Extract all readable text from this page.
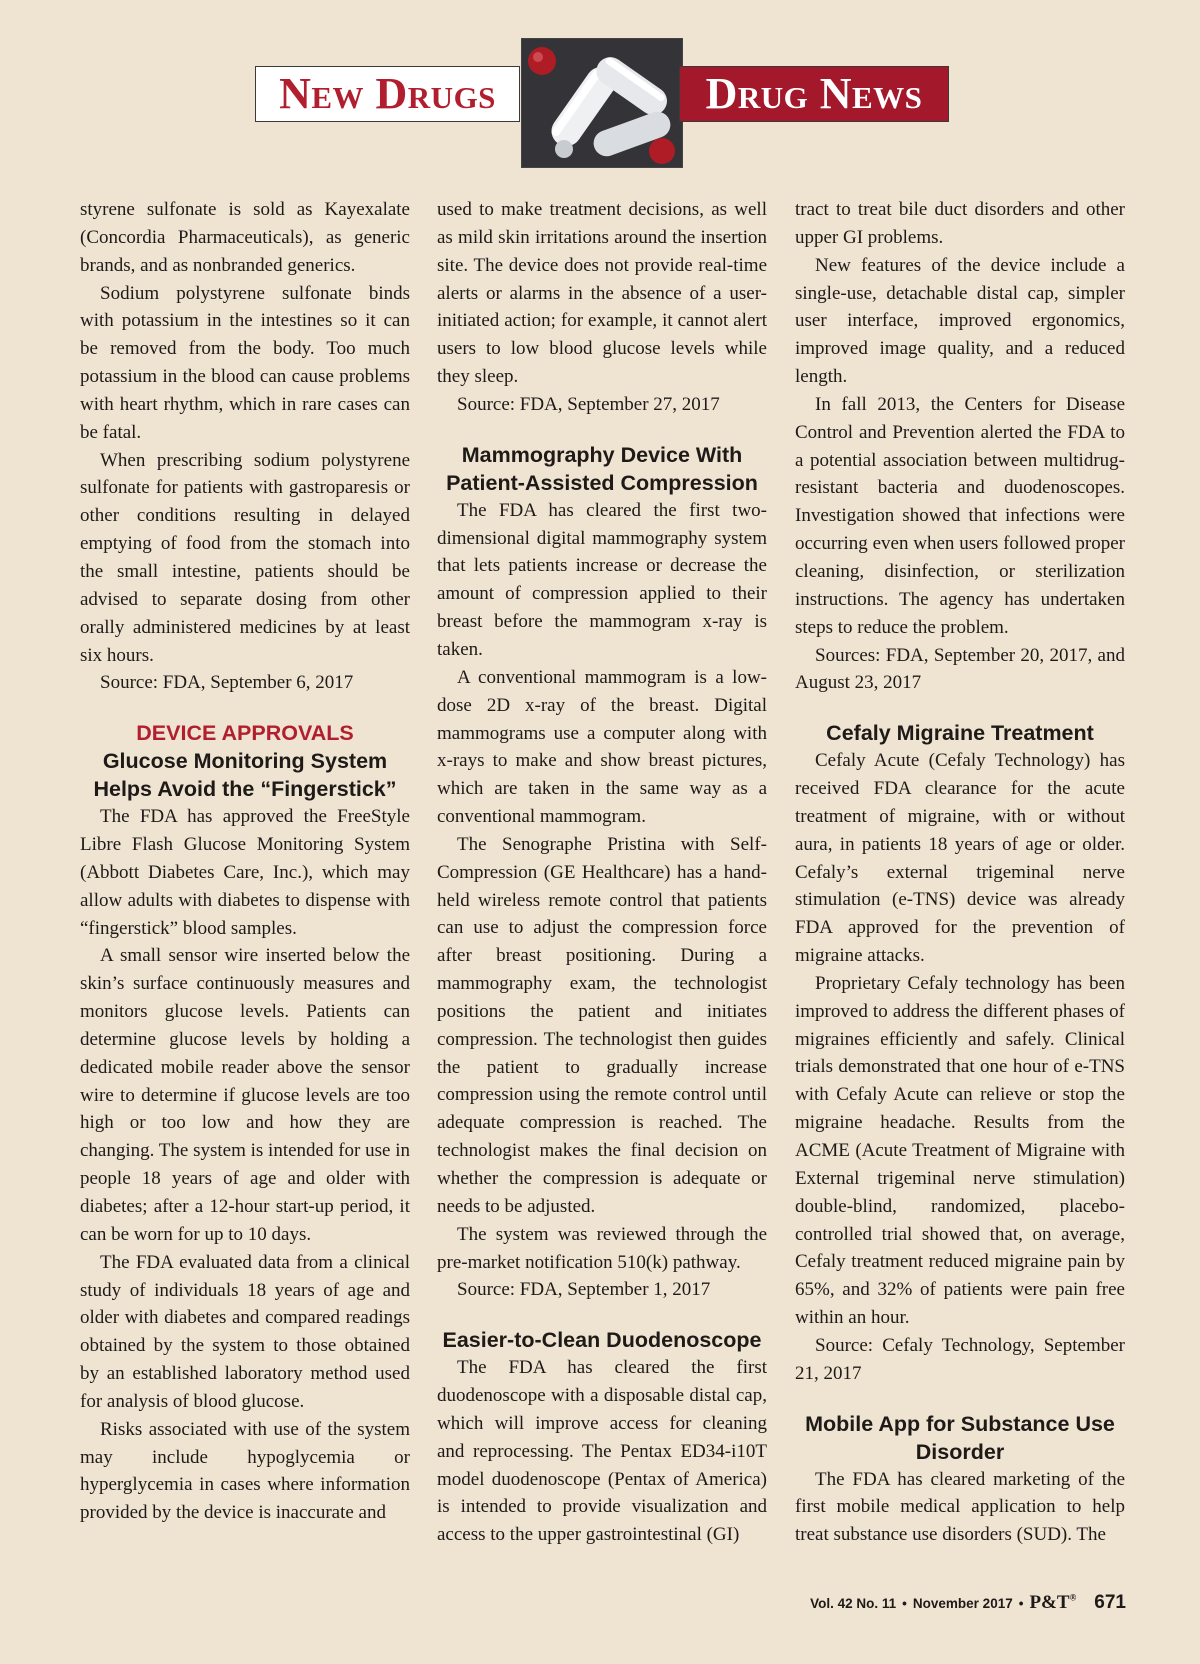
New Drugs	Drug News

styrene sulfonate is sold as Kayexalate (Concordia Pharmaceuticals), as generic brands, and as nonbranded generics.

Sodium polystyrene sulfonate binds with potassium in the intestines so it can be removed from the body. Too much potassium in the blood can cause problems with heart rhythm, which in rare cases can be fatal.

When prescribing sodium polystyrene sulfonate for patients with gastroparesis or other conditions resulting in delayed emptying of food from the stomach into the small intestine, patients should be advised to separate dosing from other orally administered medicines by at least six hours.

Source: FDA, September 6, 2017

DEVICE APPROVALS
Glucose Monitoring System Helps Avoid the “Fingerstick”

The FDA has approved the FreeStyle Libre Flash Glucose Monitoring System (Abbott Diabetes Care, Inc.), which may allow adults with diabetes to dispense with “fingerstick” blood samples.

A small sensor wire inserted below the skin’s surface continuously measures and monitors glucose levels. Patients can determine glucose levels by holding a dedicated mobile reader above the sensor wire to determine if glucose levels are too high or too low and how they are changing. The system is intended for use in people 18 years of age and older with diabetes; after a 12-hour start-up period, it can be worn for up to 10 days.

The FDA evaluated data from a clinical study of individuals 18 years of age and older with diabetes and compared readings obtained by the system to those obtained by an established laboratory method used for analysis of blood glucose.

Risks associated with use of the system may include hypoglycemia or hyperglycemia in cases where information provided by the device is inaccurate and

used to make treatment decisions, as well as mild skin irritations around the insertion site. The device does not provide real-time alerts or alarms in the absence of a user-initiated action; for example, it cannot alert users to low blood glucose levels while they sleep.

Source: FDA, September 27, 2017

Mammography Device With Patient-Assisted Compression

The FDA has cleared the first two-dimensional digital mammography system that lets patients increase or decrease the amount of compression applied to their breast before the mammogram x-ray is taken.

A conventional mammogram is a low-dose 2D x-ray of the breast. Digital mammograms use a computer along with x-rays to make and show breast pictures, which are taken in the same way as a conventional mammogram.

The Senographe Pristina with Self-Compression (GE Healthcare) has a hand-held wireless remote control that patients can use to adjust the compression force after breast positioning. During a mammography exam, the technologist positions the patient and initiates compression. The technologist then guides the patient to gradually increase compression using the remote control until adequate compression is reached. The technologist makes the final decision on whether the compression is adequate or needs to be adjusted.

The system was reviewed through the pre-market notification 510(k) pathway.

Source: FDA, September 1, 2017

Easier-to-Clean Duodenoscope

The FDA has cleared the first duodenoscope with a disposable distal cap, which will improve access for cleaning and reprocessing. The Pentax ED34-i10T model duodenoscope (Pentax of America) is intended to provide visualization and access to the upper gastrointestinal (GI)

tract to treat bile duct disorders and other upper GI problems.

New features of the device include a single-use, detachable distal cap, simpler user interface, improved ergonomics, improved image quality, and a reduced length.

In fall 2013, the Centers for Disease Control and Prevention alerted the FDA to a potential association between multidrug-resistant bacteria and duodenoscopes. Investigation showed that infections were occurring even when users followed proper cleaning, disinfection, or sterilization instructions. The agency has undertaken steps to reduce the problem.

Sources: FDA, September 20, 2017, and August 23, 2017

Cefaly Migraine Treatment

Cefaly Acute (Cefaly Technology) has received FDA clearance for the acute treatment of migraine, with or without aura, in patients 18 years of age or older. Cefaly’s external trigeminal nerve stimulation (e-TNS) device was already FDA approved for the prevention of migraine attacks.

Proprietary Cefaly technology has been improved to address the different phases of migraines efficiently and safely. Clinical trials demonstrated that one hour of e-TNS with Cefaly Acute can relieve or stop the migraine headache. Results from the ACME (Acute Treatment of Migraine with External trigeminal nerve stimulation) double-blind, randomized, placebo-controlled trial showed that, on average, Cefaly treatment reduced migraine pain by 65%, and 32% of patients were pain free within an hour.

Source: Cefaly Technology, September 21, 2017

Mobile App for Substance Use Disorder

The FDA has cleared marketing of the first mobile medical application to help treat substance use disorders (SUD). The

Vol. 42 No. 11 • November 2017 • P&T® 671
